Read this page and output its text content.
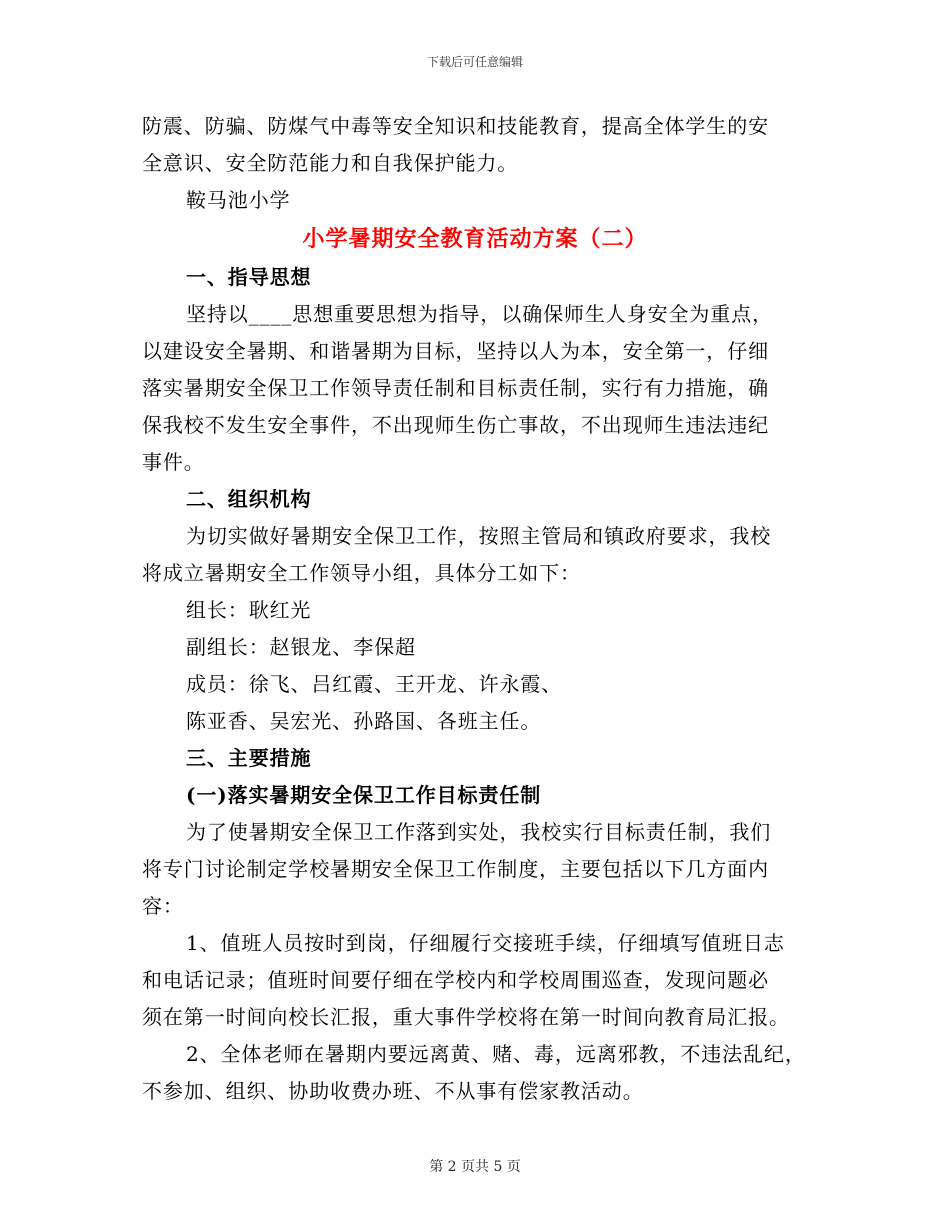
下载后可任意编辑
防震、防骗、防煤气中毒等安全知识和技能教育，提高全体学生的安
全意识、安全防范能力和自我保护能力。
鞍马池小学
小学暑期安全教育活动方案（二）
一、指导思想
坚持以____思想重要思想为指导，以确保师生人身安全为重点，
以建设安全暑期、和谐暑期为目标，坚持以人为本，安全第一，仔细
落实暑期安全保卫工作领导责任制和目标责任制，实行有力措施，确
保我校不发生安全事件，不出现师生伤亡事故，不出现师生违法违纪
事件。
二、组织机构
为切实做好暑期安全保卫工作，按照主管局和镇政府要求，我校
将成立暑期安全工作领导小组，具体分工如下：
组长：耿红光
副组长：赵银龙、李保超
成员：徐飞、吕红霞、王开龙、许永霞、
陈亚香、吴宏光、孙路国、各班主任。
三、主要措施
(一)落实暑期安全保卫工作目标责任制
为了使暑期安全保卫工作落到实处，我校实行目标责任制，我们
将专门讨论制定学校暑期安全保卫工作制度，主要包括以下几方面内
容：
1、值班人员按时到岗，仔细履行交接班手续，仔细填写值班日志
和电话记录；值班时间要仔细在学校内和学校周围巡查，发现问题必
须在第一时间向校长汇报，重大事件学校将在第一时间向教育局汇报。
2、全体老师在暑期内要远离黄、赌、毒，远离邪教，不违法乱纪，
不参加、组织、协助收费办班、不从事有偿家教活动。
第 2 页共 5 页
